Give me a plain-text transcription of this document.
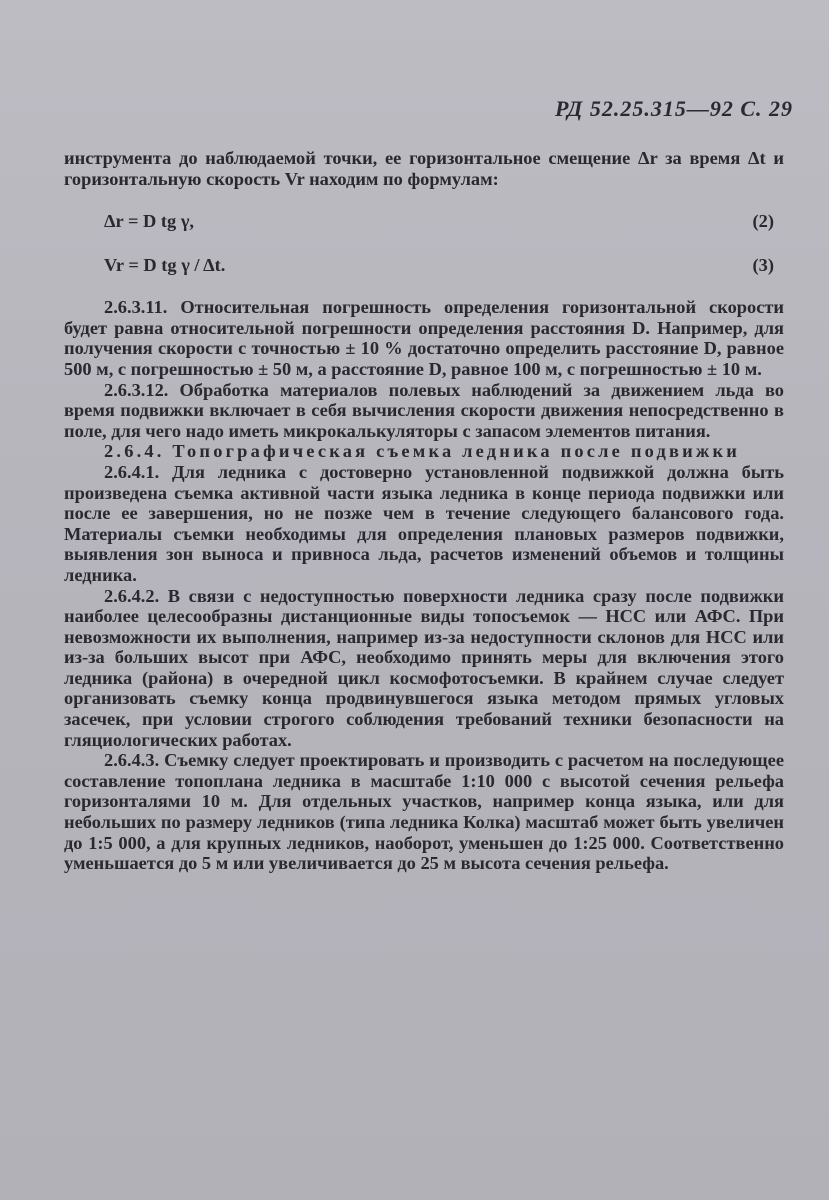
РД 52.25.315—92 С. 29

инструмента до наблюдаемой точки, ее горизонтальное смещение Δr за время Δt и горизонтальную скорость Vr находим по формулам:

Δr = D tg γ,	(2)
Vr = D tg γ / Δt.	(3)

2.6.3.11. Относительная погрешность определения горизонтальной скорости будет равна относительной погрешности определения расстояния D. Например, для получения скорости с точностью ± 10 % достаточно определить расстояние D, равное 500 м, с погрешностью ± 50 м, а расстояние D, равное 100 м, с погрешностью ± 10 м.

2.6.3.12. Обработка материалов полевых наблюдений за движением льда во время подвижки включает в себя вычисления скорости движения непосредственно в поле, для чего надо иметь микрокалькуляторы с запасом элементов питания.

2.6.4. Топографическая съемка ледника после подвижки

2.6.4.1. Для ледника с достоверно установленной подвижкой должна быть произведена съемка активной части языка ледника в конце периода подвижки или после ее завершения, но не позже чем в течение следующего балансового года. Материалы съемки необходимы для определения плановых размеров подвижки, выявления зон выноса и привноса льда, расчетов изменений объемов и толщины ледника.

2.6.4.2. В связи с недоступностью поверхности ледника сразу после подвижки наиболее целесообразны дистанционные виды топосъемок — НСС или АФС. При невозможности их выполнения, например из-за недоступности склонов для НСС или из-за больших высот при АФС, необходимо принять меры для включения этого ледника (района) в очередной цикл космофотосъемки. В крайнем случае следует организовать съемку конца продвинувшегося языка методом прямых угловых засечек, при условии строгого соблюдения требований техники безопасности на гляциологических работах.

2.6.4.3. Съемку следует проектировать и производить с расчетом на последующее составление топоплана ледника в масштабе 1:10 000 с высотой сечения рельефа горизонталями 10 м. Для отдельных участков, например конца языка, или для небольших по размеру ледников (типа ледника Колка) масштаб может быть увеличен до 1:5 000, а для крупных ледников, наоборот, уменьшен до 1:25 000. Соответственно уменьшается до 5 м или увеличивается до 25 м высота сечения рельефа.
